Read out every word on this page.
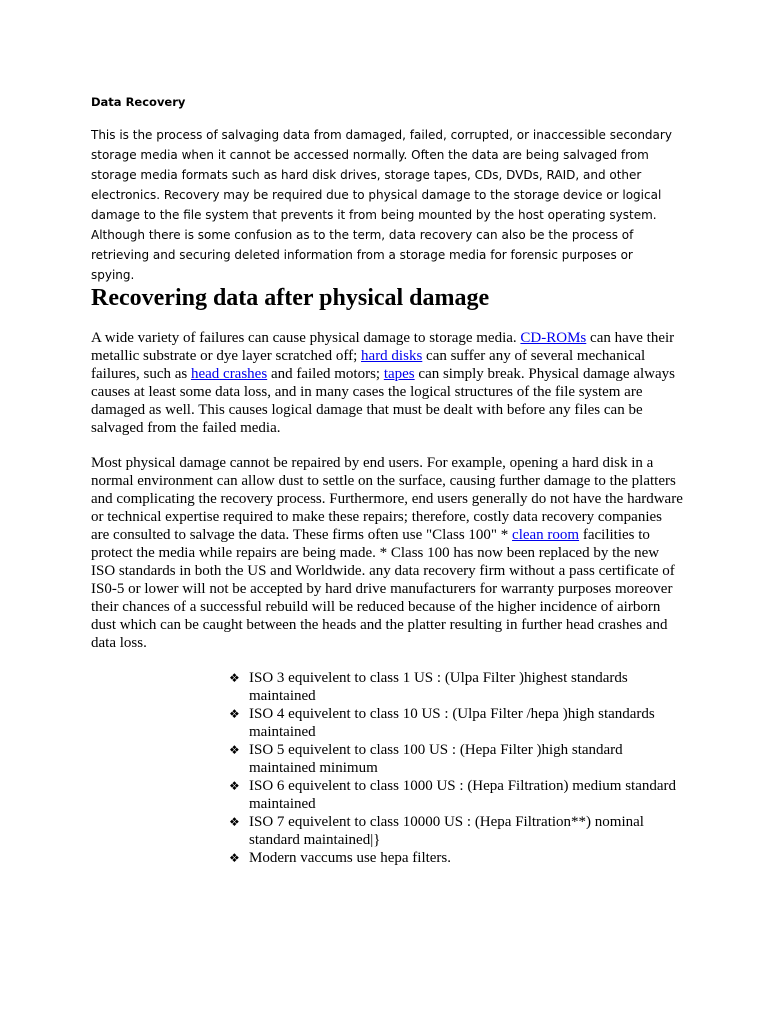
Data Recovery

This is the process of salvaging data from damaged, failed, corrupted, or inaccessible secondary storage media when it cannot be accessed normally. Often the data are being salvaged from storage media formats such as hard disk drives, storage tapes, CDs, DVDs, RAID, and other electronics. Recovery may be required due to physical damage to the storage device or logical damage to the file system that prevents it from being mounted by the host operating system. Although there is some confusion as to the term, data recovery can also be the process of retrieving and securing deleted information from a storage media for forensic purposes or spying.

Recovering data after physical damage

A wide variety of failures can cause physical damage to storage media. CD-ROMs can have their metallic substrate or dye layer scratched off; hard disks can suffer any of several mechanical failures, such as head crashes and failed motors; tapes can simply break. Physical damage always causes at least some data loss, and in many cases the logical structures of the file system are damaged as well. This causes logical damage that must be dealt with before any files can be salvaged from the failed media.

Most physical damage cannot be repaired by end users. For example, opening a hard disk in a normal environment can allow dust to settle on the surface, causing further damage to the platters and complicating the recovery process. Furthermore, end users generally do not have the hardware or technical expertise required to make these repairs; therefore, costly data recovery companies are consulted to salvage the data. These firms often use "Class 100" * clean room facilities to protect the media while repairs are being made. * Class 100 has now been replaced by the new ISO standards in both the US and Worldwide. any data recovery firm without a pass certificate of IS0-5 or lower will not be accepted by hard drive manufacturers for warranty purposes moreover their chances of a successful rebuild will be reduced because of the higher incidence of airborn dust which can be caught between the heads and the platter resulting in further head crashes and data loss.

❖ ISO 3 equivelent to class 1 US : (Ulpa Filter )highest standards maintained
❖ ISO 4 equivelent to class 10 US : (Ulpa Filter /hepa )high standards maintained
❖ ISO 5 equivelent to class 100 US : (Hepa Filter )high standard maintained minimum
❖ ISO 6 equivelent to class 1000 US : (Hepa Filtration) medium standard maintained
❖ ISO 7 equivelent to class 10000 US : (Hepa Filtration**) nominal standard maintained|}
❖ Modern vaccums use hepa filters.
